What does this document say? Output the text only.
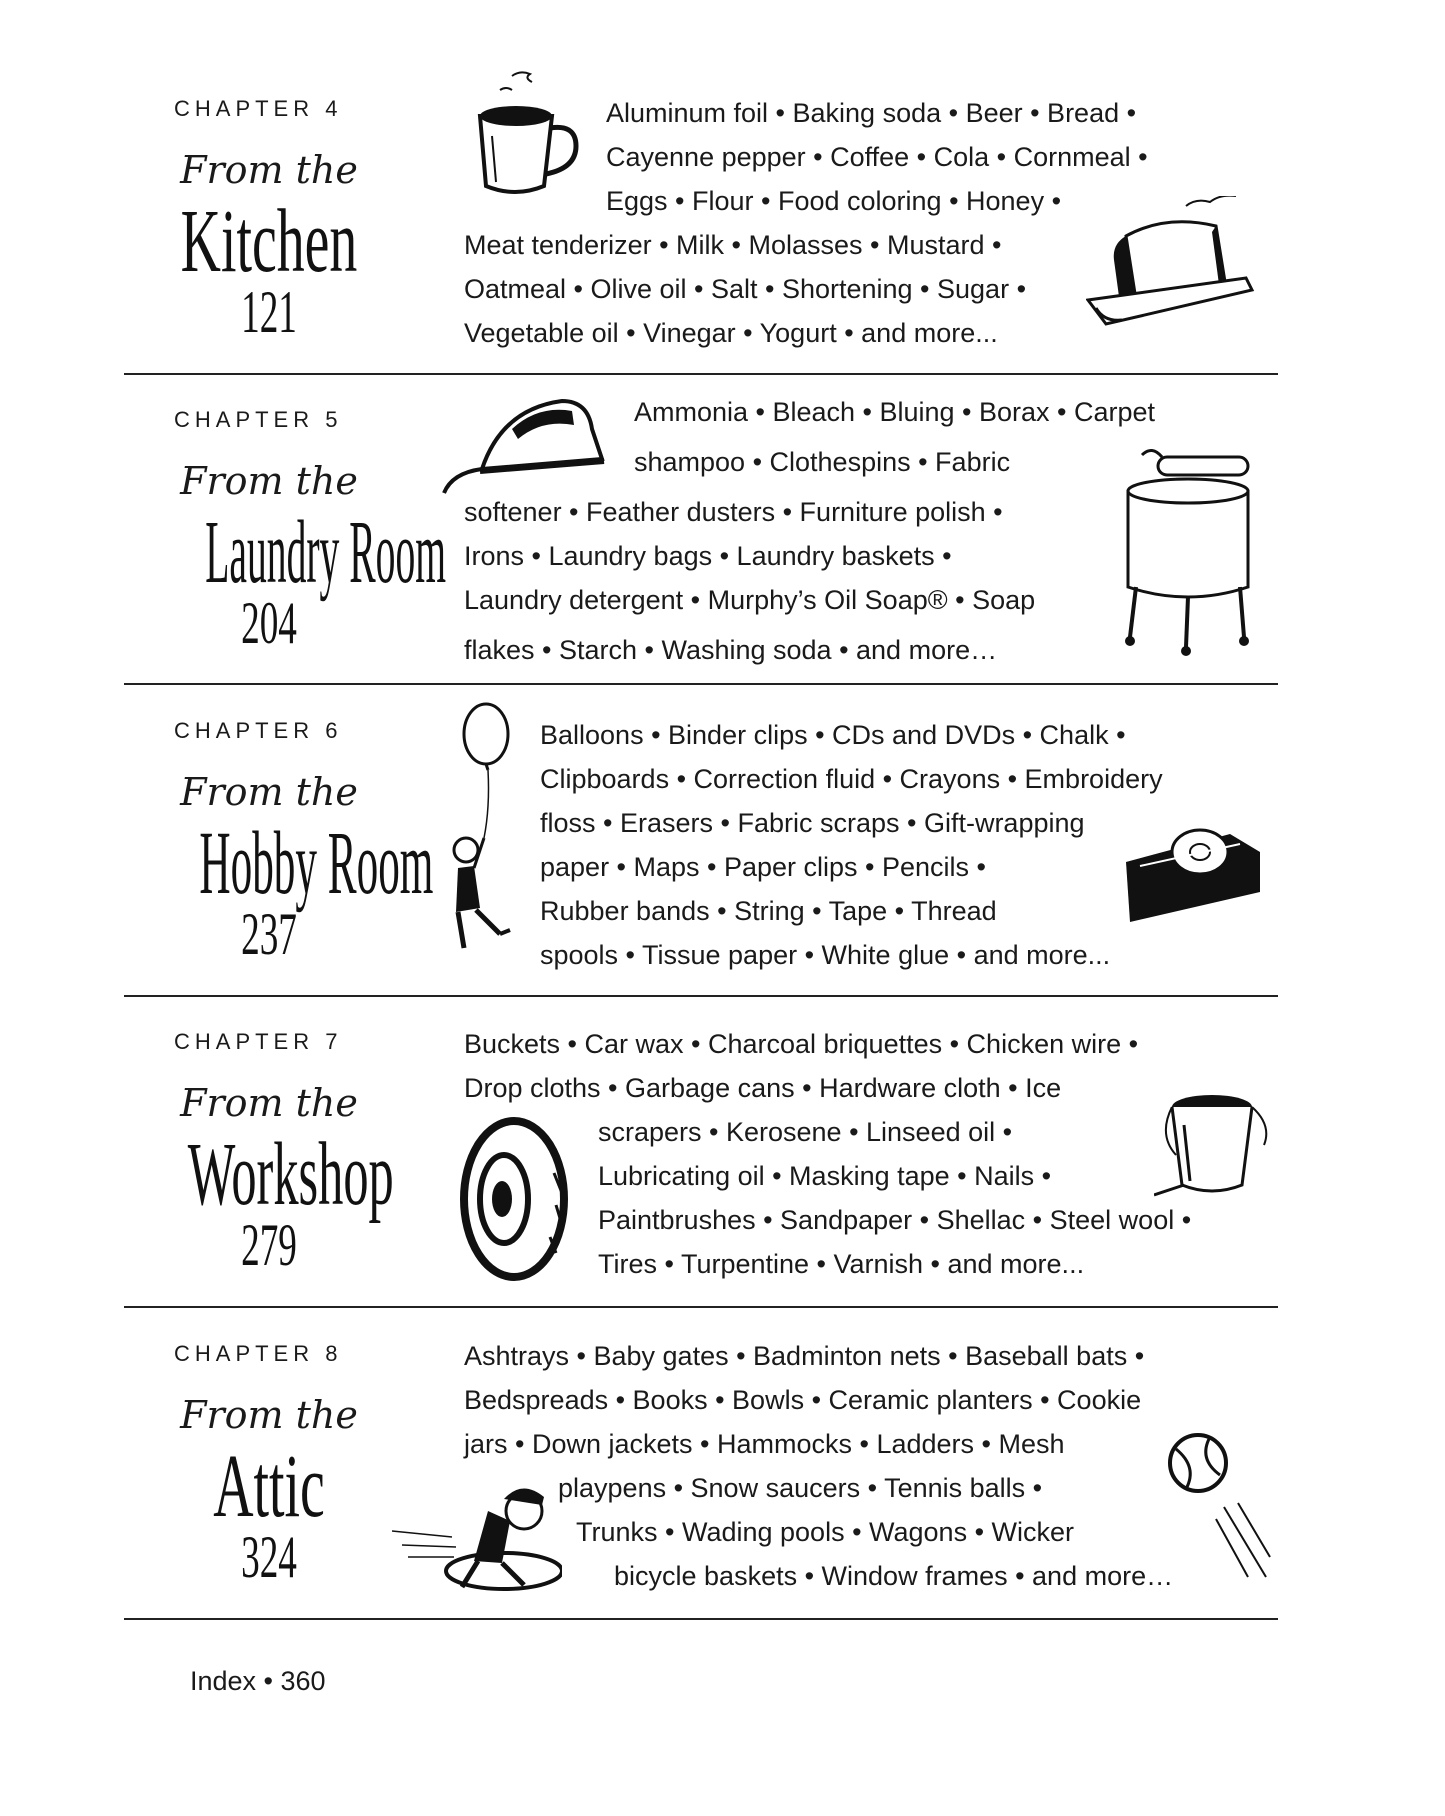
CHAPTER 4
From the
Kitchen
121
Aluminum foil • Baking soda • Beer • Bread •
Cayenne pepper • Coffee • Cola • Cornmeal •
Eggs • Flour • Food coloring • Honey •
Meat tenderizer • Milk • Molasses • Mustard •
Oatmeal • Olive oil • Salt • Shortening • Sugar •
Vegetable oil • Vinegar • Yogurt • and more...
CHAPTER 5
From the
Laundry Room
204
Ammonia • Bleach • Bluing • Borax • Carpet
shampoo • Clothespins • Fabric
softener • Feather dusters • Furniture polish •
Irons • Laundry bags • Laundry baskets •
Laundry detergent • Murphy’s Oil Soap® • Soap
flakes • Starch • Washing soda • and more…
CHAPTER 6
From the
Hobby Room
237
Balloons • Binder clips • CDs and DVDs • Chalk •
Clipboards • Correction fluid • Crayons • Embroidery
floss • Erasers • Fabric scraps • Gift-wrapping
paper • Maps • Paper clips • Pencils •
Rubber bands • String • Tape • Thread
spools • Tissue paper • White glue • and more...
CHAPTER 7
From the
Workshop
279
Buckets • Car wax • Charcoal briquettes • Chicken wire •
Drop cloths • Garbage cans • Hardware cloth • Ice
scrapers • Kerosene • Linseed oil •
Lubricating oil • Masking tape • Nails •
Paintbrushes • Sandpaper • Shellac • Steel wool •
Tires • Turpentine • Varnish • and more...
CHAPTER 8
From the
Attic
324
Ashtrays • Baby gates • Badminton nets • Baseball bats •
Bedspreads • Books • Bowls • Ceramic planters • Cookie
jars • Down jackets • Hammocks • Ladders • Mesh
playpens • Snow saucers • Tennis balls •
Trunks • Wading pools • Wagons • Wicker
bicycle baskets • Window frames • and more…
Index • 360
